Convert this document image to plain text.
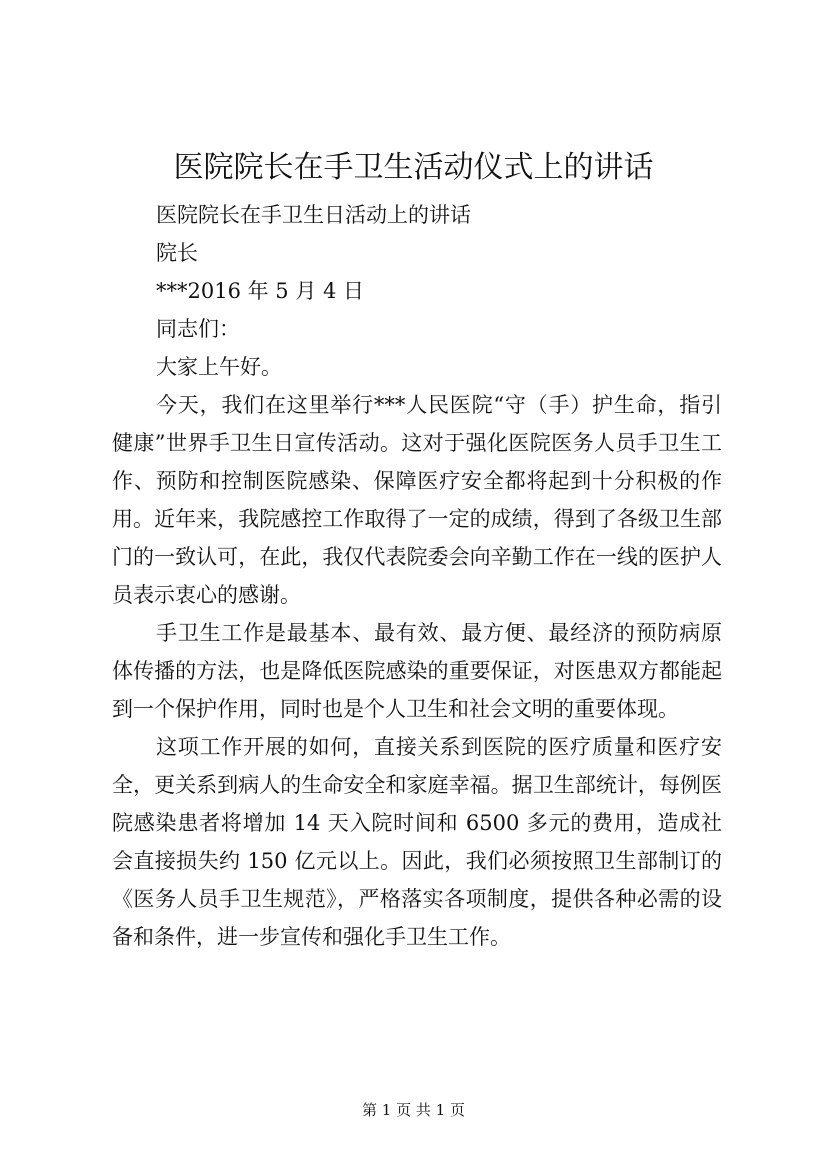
医院院长在手卫生活动仪式上的讲话

医院院长在手卫生日活动上的讲话

院长

***2016 年 5 月 4 日

同志们：

大家上午好。

今天，我们在这里举行***人民医院“守（手）护生命，指引健康”世界手卫生日宣传活动。这对于强化医院医务人员手卫生工作、预防和控制医院感染、保障医疗安全都将起到十分积极的作用。近年来，我院感控工作取得了一定的成绩，得到了各级卫生部门的一致认可，在此，我仅代表院委会向辛勤工作在一线的医护人员表示衷心的感谢。

手卫生工作是最基本、最有效、最方便、最经济的预防病原体传播的方法，也是降低医院感染的重要保证，对医患双方都能起到一个保护作用，同时也是个人卫生和社会文明的重要体现。

这项工作开展的如何，直接关系到医院的医疗质量和医疗安全，更关系到病人的生命安全和家庭幸福。据卫生部统计，每例医院感染患者将增加 14 天入院时间和 6500 多元的费用，造成社会直接损失约 150 亿元以上。因此，我们必须按照卫生部制订的《医务人员手卫生规范》，严格落实各项制度，提供各种必需的设备和条件，进一步宣传和强化手卫生工作。

第 1 页 共 1 页
